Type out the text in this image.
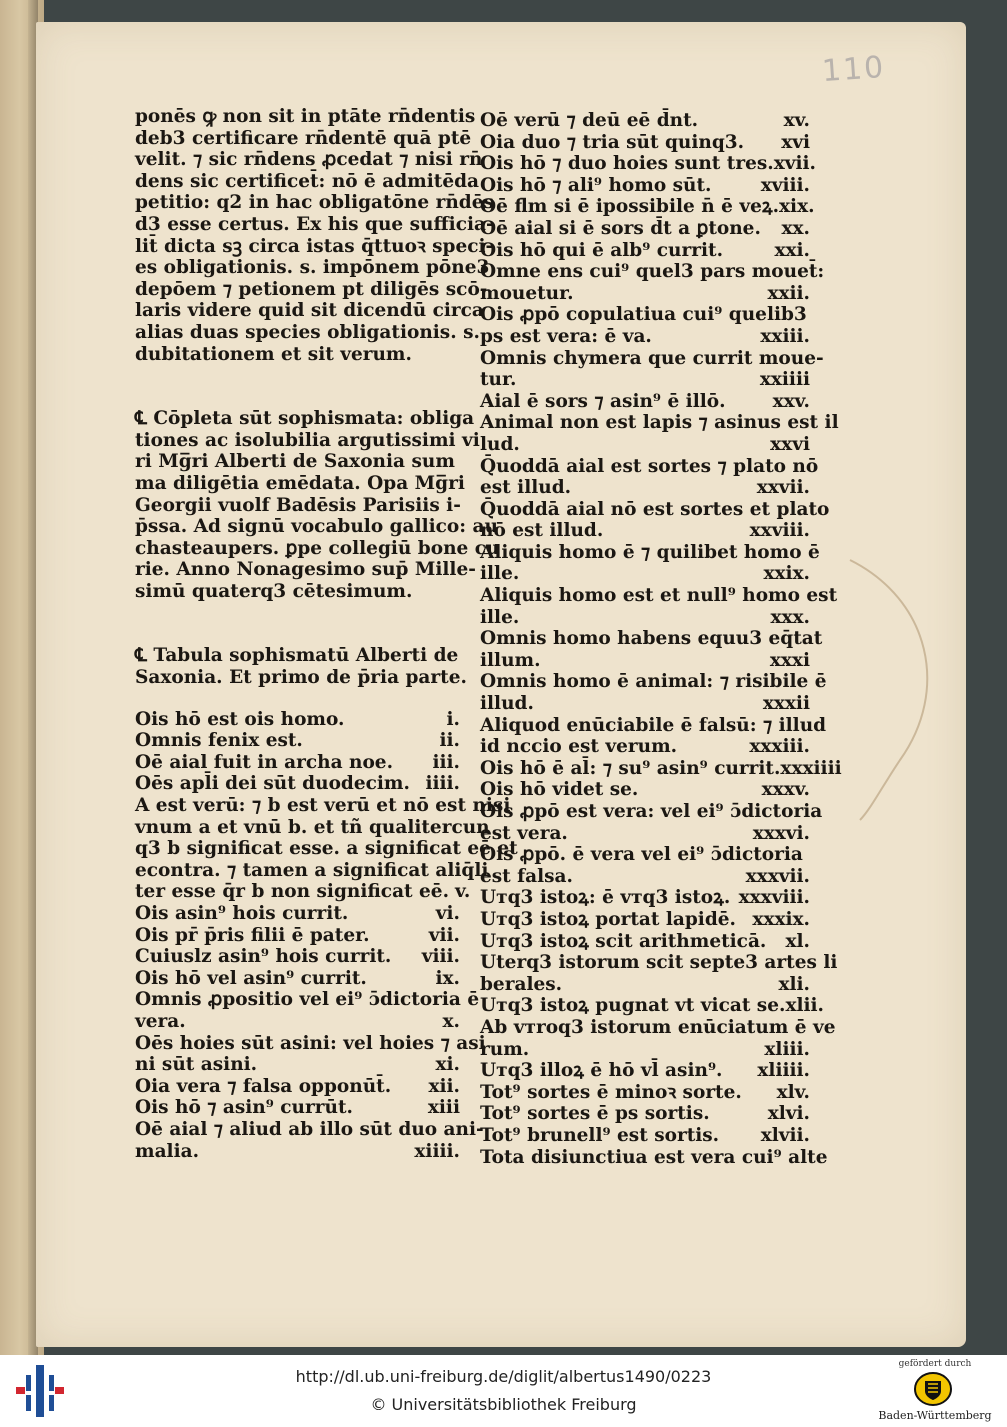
110
ponēs ꝙ non sit in ptāte rn̄dentis
deb3 certificare rn̄dentē quā ptē
velit. ⁊ sic rn̄dens ꝓcedat ⁊ nisi rn̄
dens sic certificet̄: nō ē admitēda
petitio: q2 in hac obligatōne rn̄dēs
d3 esse certus. Ex his que sufficia-
lit̄ dicta sꝫ circa istas q̄ttuoꝛ speci-
es obligationis. s. impōnem pōne3
depōem ⁊ petionem pt diligēs scō-
laris videre quid sit dicendū circa
alias duas species obligationis. s.
dubitationem et sit verum.
℄ Cōpleta sūt sophismata: obliga
tiones ac isolubilia argutissimi vi
ri Mg̅ri Alberti de Saxonia sum
ma diligētia emēdata. Opa Mg̅ri
Georgii vuolf Badēsis Parisiis i-
p̄ssa. Ad signū vocabulo gallico: au
chasteaupers. ꝑpe collegiū bone cu
rie. Anno Nonagesimo sup̄ Mille-
simū quaterq3 cētesimum.
℄ Tabula sophismatū Alberti de
Saxonia. Et primo de p̄ria parte.
Ois hō est ois homo.	i.
Omnis fenix est.	ii.
Oē aial fuit in archa noe.	iii.
Oēs apl̄i dei sūt duodecim. iiii.
A est verū: ⁊ b est verū et nō est nisi
vnum a et vnū b. et tñ qualitercun
q3 b significat esse. a significat eē et
econtra. ⁊ tamen a significat aliq̄li
ter esse q̄r b non significat eē. v.
Ois asin⁹ hois currit.	vi.
Ois pr̄ p̄ris filii ē pater.	vii.
Cuiuslz asin⁹ hois currit.	viii.
Ois hō vel asin⁹ currit.	ix.
Omnis ꝓpositio vel ei⁹ ɔ̄dictoria ē
vera.	x.
Oēs hoies sūt asini: vel hoies ⁊ asi
ni sūt asini.	xi.
Oia vera ⁊ falsa opponūt̄.	xii.
Ois hō ⁊ asin⁹ currūt.	xiii
Oē aial ⁊ aliud ab illo sūt duo ani-
malia.	xiiii.
Oē verū ⁊ deū eē d̄nt.	xv.
Oia duo ⁊ tria sūt quinq3. xvi
Ois hō ⁊ duo hoies sunt tres. xvii.
Ois hō ⁊ ali⁹ homo sūt.	xviii.
Oē fl̄m si ē ipossibile n̄ ē veꝝ. xix.
Oē aial si ē sors d̄t a ꝑtone. xx.
Ois hō qui ē alb⁹ currit.	xxi.
Omne ens cui⁹ quel3 pars mouet̄:
mouetur.	xxii.
Ois ꝓpō copulatiua cui⁹ quelib3
ps est vera: ē va.	xxiii.
Omnis chymera que currit moue-
tur.	xxiiii
Aial ē sors ⁊ asin⁹ ē illō.	xxv.
Animal non est lapis ⁊ asinus est il
lud.	xxvi
Q̄uoddā aial est sortes ⁊ plato nō
est illud.	xxvii.
Q̄uoddā aial nō est sortes et plato
nō est illud.	xxviii.
Aliquis homo ē ⁊ quilibet homo ē
ille.	xxix.
Aliquis homo est et null⁹ homo est
ille.	xxx.
Omnis homo habens equu3 eq̄tat
illum.	xxxi
Omnis homo ē animal: ⁊ risibile ē
illud.	xxxii
Aliquod enūciabile ē falsū: ⁊ illud
id nccio est verum.	xxxiii.
Ois hō ē al̄: ⁊ su⁹ asin⁹ currit. xxxiiii
Ois hō videt se.	xxxv.
Ois ꝓpō est vera: vel ei⁹ ɔ̄dictoria
est vera.	xxxvi.
Ois ꝓpō. ē vera vel ei⁹ ɔ̄dictoria
est falsa.	xxxvii.
Uтq3 istoꝝ: ē vтq3 istoꝝ. xxxviii.
Uтq3 istoꝝ portat lapidē. xxxix.
Uтq3 istoꝝ scit arithmeticā. xl.
Uterq3 istorum scit septe3 artes li
berales.	xli.
Uтq3 istoꝝ pugnat vt vicat se. xlii.
Ab vтroq3 istorum enūciatum ē ve
rum.	xliii.
Uтq3 illoꝝ ē hō vl̄ asin⁹. xliiii.
Tot⁹ sortes ē minoꝛ sorte. xlv.
Tot⁹ sortes ē ps sortis.	xlvi.
Tot⁹ brunell⁹ est sortis. xlvii.
Tota disiunctiua est vera cui⁹ alte
http://dl.ub.uni-freiburg.de/diglit/albertus1490/0223
© Universitätsbibliothek Freiburg
gefördert durch
Baden-Württemberg
